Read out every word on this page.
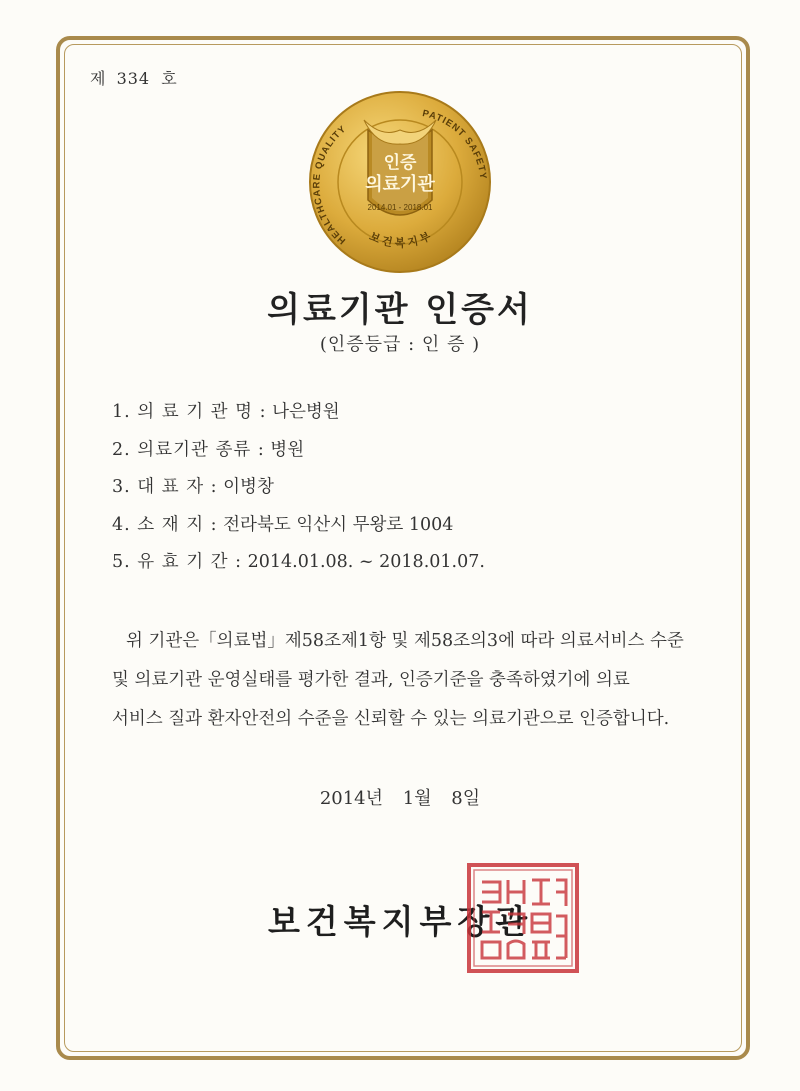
제 334 호
인증
의료기관
2014.01 - 2018.01
HEALTHCARE QUALITY
PATIENT SAFETY
보 건 복 지 부
의료기관 인증서
(인증등급 : 인 증 )
1. 의 료 기 관 명 : 나은병원
2. 의료기관 종류 : 병원
3. 대 표 자 : 이병창
4. 소 재 지 : 전라북도 익산시 무왕로 1004
5. 유 효 기 간 : 2014.01.08. ~ 2018.01.07.

위 기관은「의료법」제58조제1항 및 제58조의3에 따라 의료서비스 수준

및 의료기관 운영실태를 평가한 결과, 인증기준을 충족하였기에 의료

서비스 질과 환자안전의 수준을 신뢰할 수 있는 의료기관으로 인증합니다.

2014년 1월 8일
보건복지부장관
